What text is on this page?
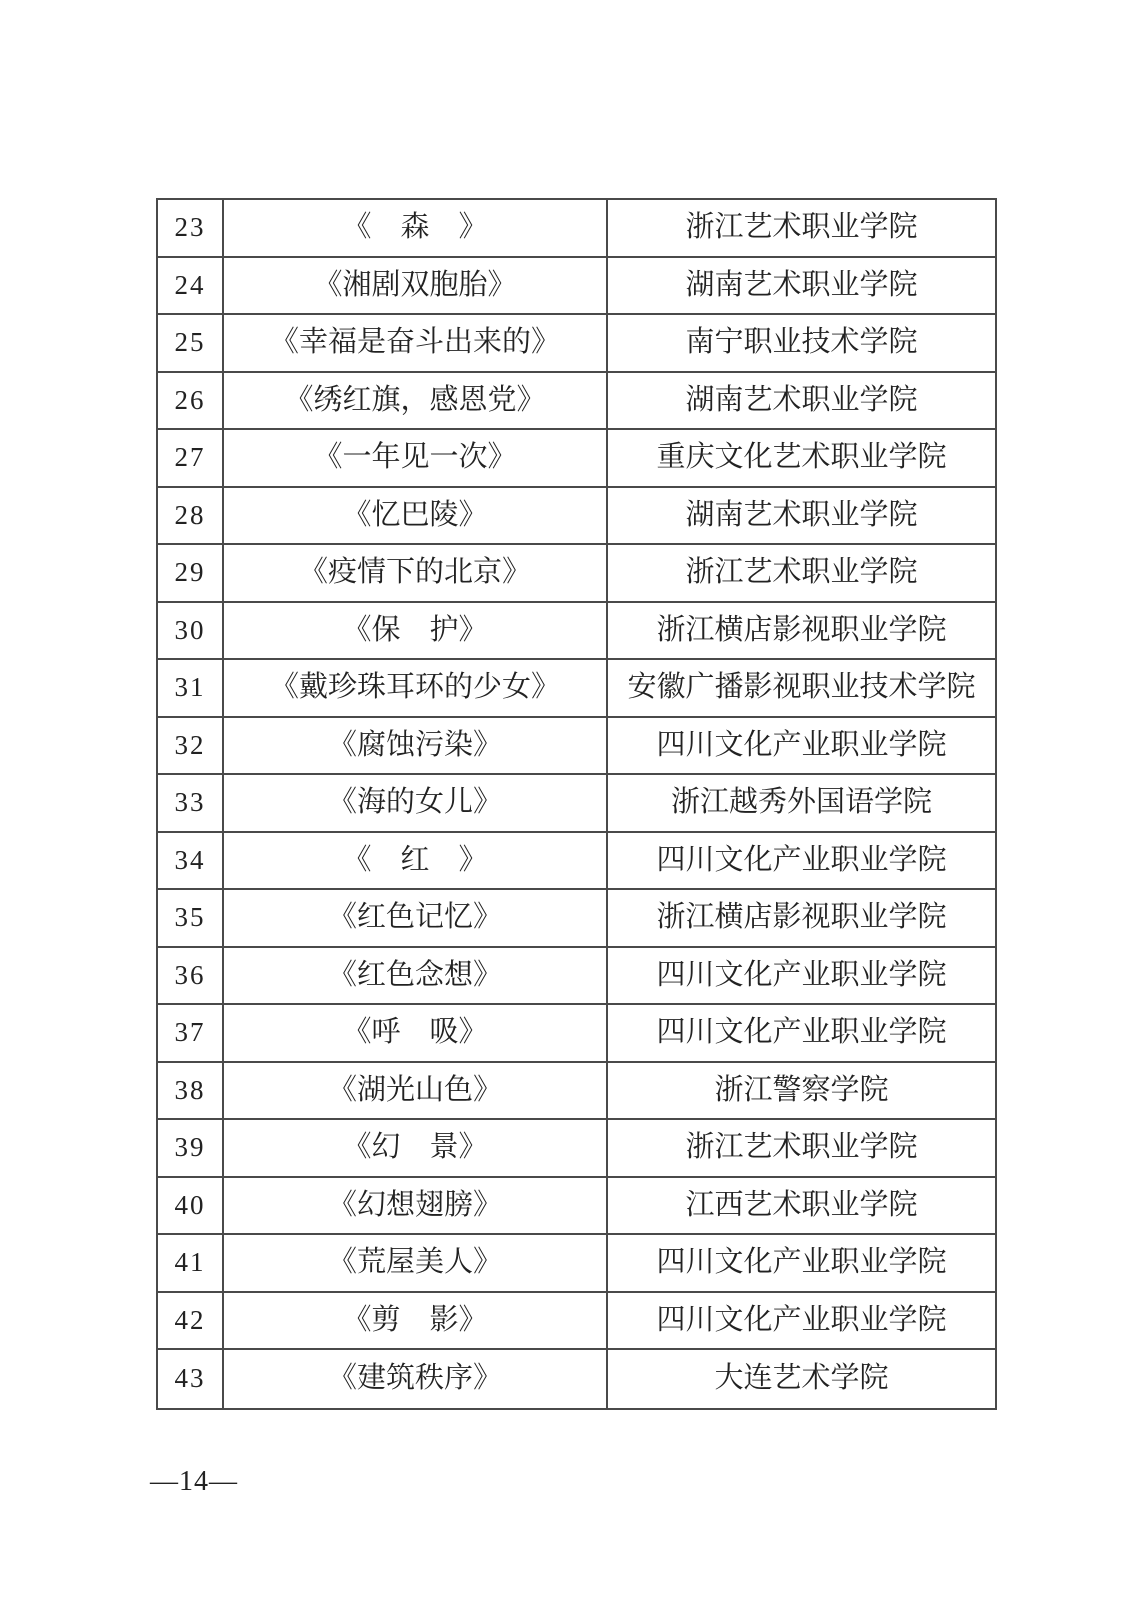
23	《　森　》	浙江艺术职业学院
24	《湘剧双胞胎》	湖南艺术职业学院
25	《幸福是奋斗出来的》	南宁职业技术学院
26	《绣红旗，感恩党》	湖南艺术职业学院
27	《一年见一次》	重庆文化艺术职业学院
28	《忆巴陵》	湖南艺术职业学院
29	《疫情下的北京》	浙江艺术职业学院
30	《保　护》	浙江横店影视职业学院
31	《戴珍珠耳环的少女》	安徽广播影视职业技术学院
32	《腐蚀污染》	四川文化产业职业学院
33	《海的女儿》	浙江越秀外国语学院
34	《　红　》	四川文化产业职业学院
35	《红色记忆》	浙江横店影视职业学院
36	《红色念想》	四川文化产业职业学院
37	《呼　吸》	四川文化产业职业学院
38	《湖光山色》	浙江警察学院
39	《幻　景》	浙江艺术职业学院
40	《幻想翅膀》	江西艺术职业学院
41	《荒屋美人》	四川文化产业职业学院
42	《剪　影》	四川文化产业职业学院
43	《建筑秩序》	大连艺术学院
—14—
